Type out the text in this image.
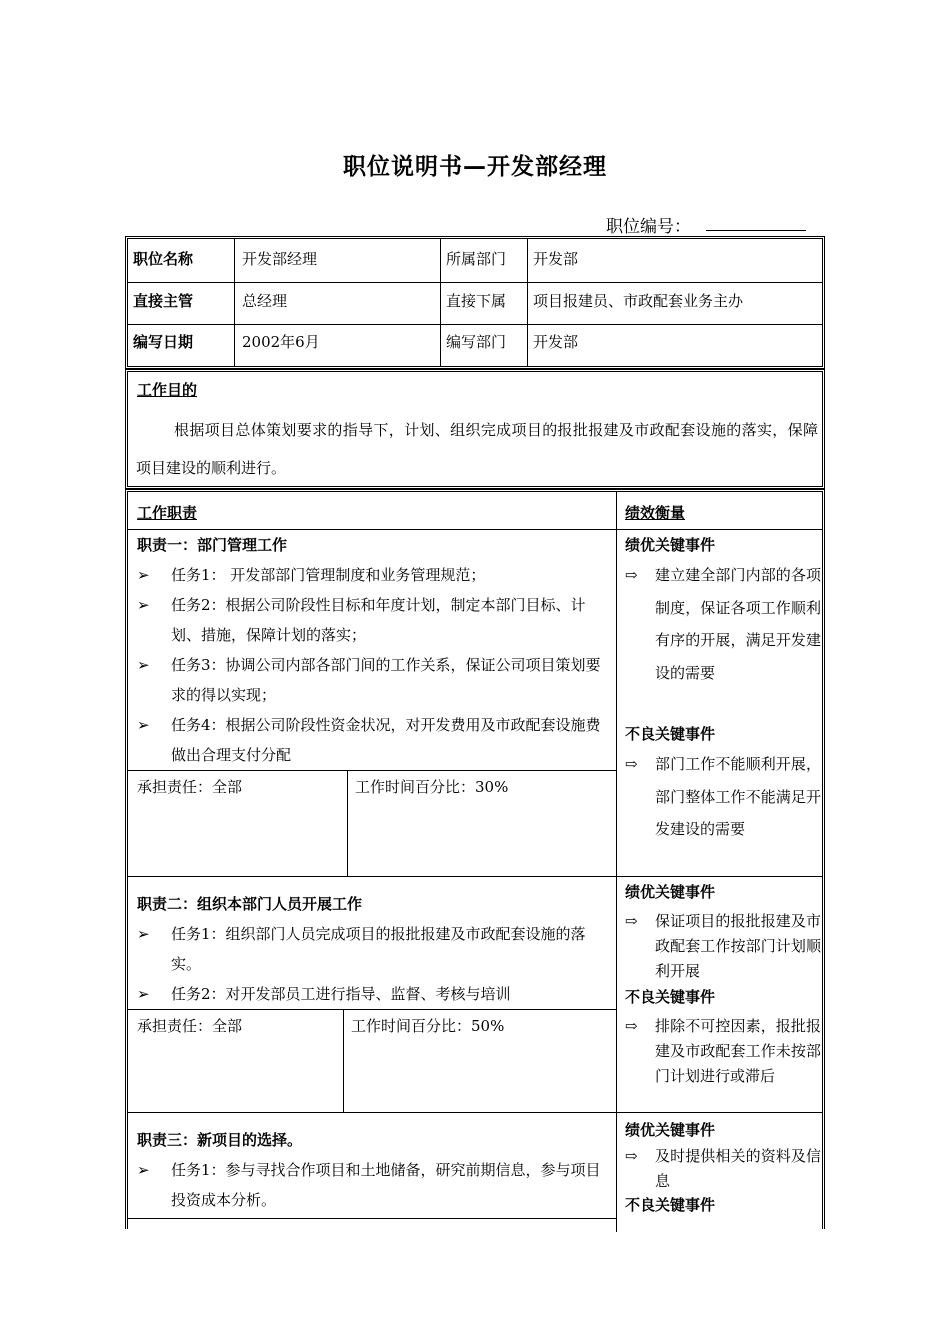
职位说明书—开发部经理
职位编号：
职位名称	开发部经理	所属部门 开发部
直接主管	总经理	直接下属 项目报建员、市政配套业务主办
编写日期	2002年6月	编写部门 开发部
工作目的
根据项目总体策划要求的指导下，计划、组织完成项目的报批报建及市政配套设施的落实，保障项目建设的顺利进行。
工作职责	绩效衡量
职责一：部门管理工作
➢	任务1： 开发部部门管理制度和业务管理规范；
➢	任务2：根据公司阶段性目标和年度计划，制定本部门目标、计划、措施，保障计划的落实；
➢	任务3：协调公司内部各部门间的工作关系，保证公司项目策划要求的得以实现；
➢	任务4：根据公司阶段性资金状况，对开发费用及市政配套设施费做出合理支付分配
承担责任：全部	工作时间百分比：30%
绩优关键事件
⇨ 建立建全部门内部的各项制度，保证各项工作顺利有序的开展，满足开发建设的需要
不良关键事件
⇨ 部门工作不能顺利开展，部门整体工作不能满足开发建设的需要
职责二：组织本部门人员开展工作
➢	任务1：组织部门人员完成项目的报批报建及市政配套设施的落实。
➢	任务2：对开发部员工进行指导、监督、考核与培训
承担责任：全部	工作时间百分比：50%
绩优关键事件
⇨ 保证项目的报批报建及市政配套工作按部门计划顺利开展
不良关键事件
⇨ 排除不可控因素，报批报建及市政配套工作未按部门计划进行或滞后
职责三：新项目的选择。
➢	任务1：参与寻找合作项目和土地储备，研究前期信息，参与项目投资成本分析。
绩优关键事件
⇨ 及时提供相关的资料及信息
不良关键事件
